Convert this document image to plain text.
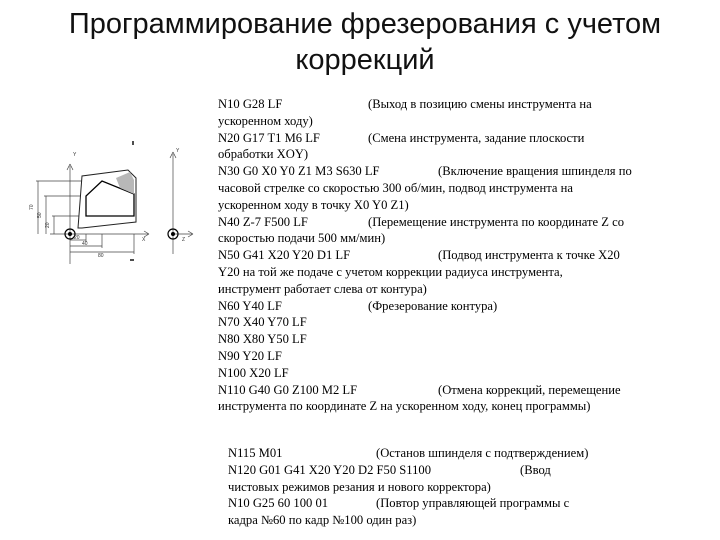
Программирование фрезерования с учетом
коррекций
70
50
20
20
40
80
Y
Y
X	Z
N10 G28 LF	(Выход в позицию смены инструмента на
ускоренном ходу)
N20 G17 T1 M6 LF	(Смена инструмента, задание плоскости
обработки XOY)
N30 G0 X0 Y0 Z1 M3 S630 LF	(Включение вращения шпинделя по
часовой стрелке со скоростью 300 об/мин, подвод инструмента на
ускоренном ходу в точку X0 Y0 Z1)
N40 Z-7 F500 LF	(Перемещение инструмента по координате Z со
скоростью подачи 500 мм/мин)
N50 G41 X20 Y20 D1 LF	(Подвод инструмента к точке X20
Y20 на той же подаче с учетом коррекции радиуса инструмента,
инструмент работает слева от контура)
N60 Y40 LF	(Фрезерование контура)
N70 X40 Y70 LF
N80 X80 Y50 LF
N90 Y20 LF
N100 X20 LF
N110 G40 G0 Z100 M2 LF	(Отмена коррекций, перемещение
инструмента по координате Z на ускоренном ходу, конец программы)
N115 M01	(Останов шпинделя с подтверждением)
N120 G01 G41 X20 Y20 D2 F50 S1100	(Ввод
чистовых режимов резания и нового корректора)
N10 G25 60 100 01	(Повтор управляющей программы с
кадра №60 по кадр №100 один раз)
